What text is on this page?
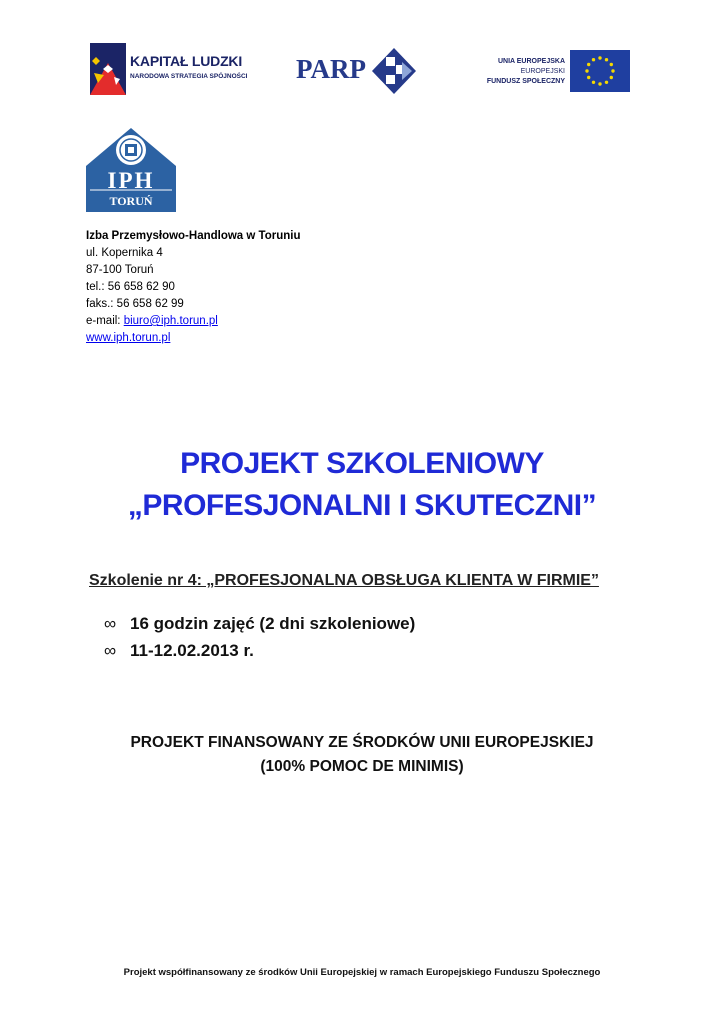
KAPITAŁ LUDZKI
NARODOWA STRATEGIA SPÓJNOŚCI PARP	UNIA EUROPEJSKA
EUROPEJSKI
FUNDUSZ SPOŁECZNY
IPH
TORUŃ
Izba Przemysłowo-Handlowa w Toruniu
ul. Kopernika 4
87-100 Toruń
tel.: 56 658 62 90
faks.: 56 658 62 99
e-mail: biuro@iph.torun.pl
www.iph.torun.pl
PROJEKT SZKOLENIOWY
„PROFESJONALNI I SKUTECZNI”
Szkolenie nr 4: „PROFESJONALNA OBSŁUGA KLIENTA W FIRMIE”
∞ 16 godzin zajęć (2 dni szkoleniowe)
∞ 11-12.02.2013 r.
PROJEKT FINANSOWANY ZE ŚRODKÓW UNII EUROPEJSKIEJ
(100% POMOC DE MINIMIS)
Projekt współfinansowany ze środków Unii Europejskiej w ramach Europejskiego Funduszu Społecznego
